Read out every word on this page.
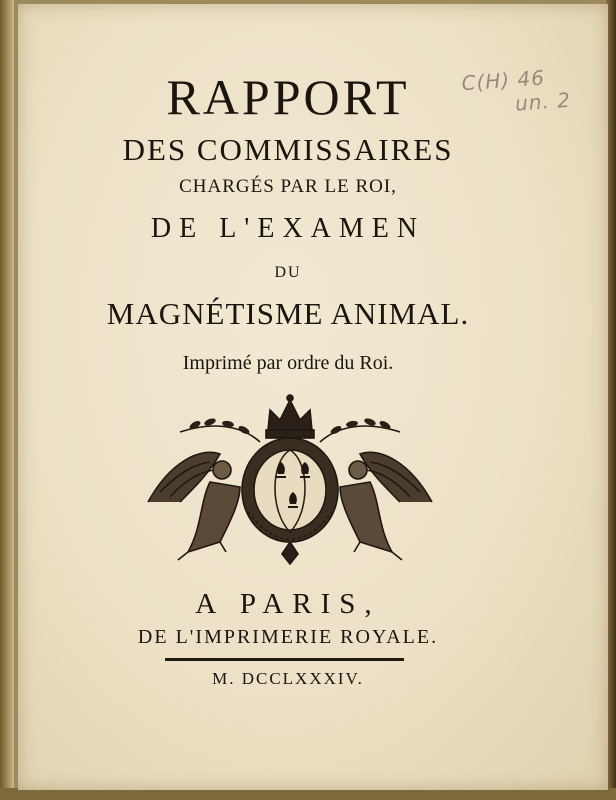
RAPPORT
DES COMMISSAIRES
CHARGÉS PAR LE ROI,
DE L'EXAMEN
DU
MAGNÉTISME ANIMAL.
Imprimé par ordre du Roi.
A PARIS,
DE L'IMPRIMERIE ROYALE.
M. DCCLXXXIV.
C(H) 46
un. 2
